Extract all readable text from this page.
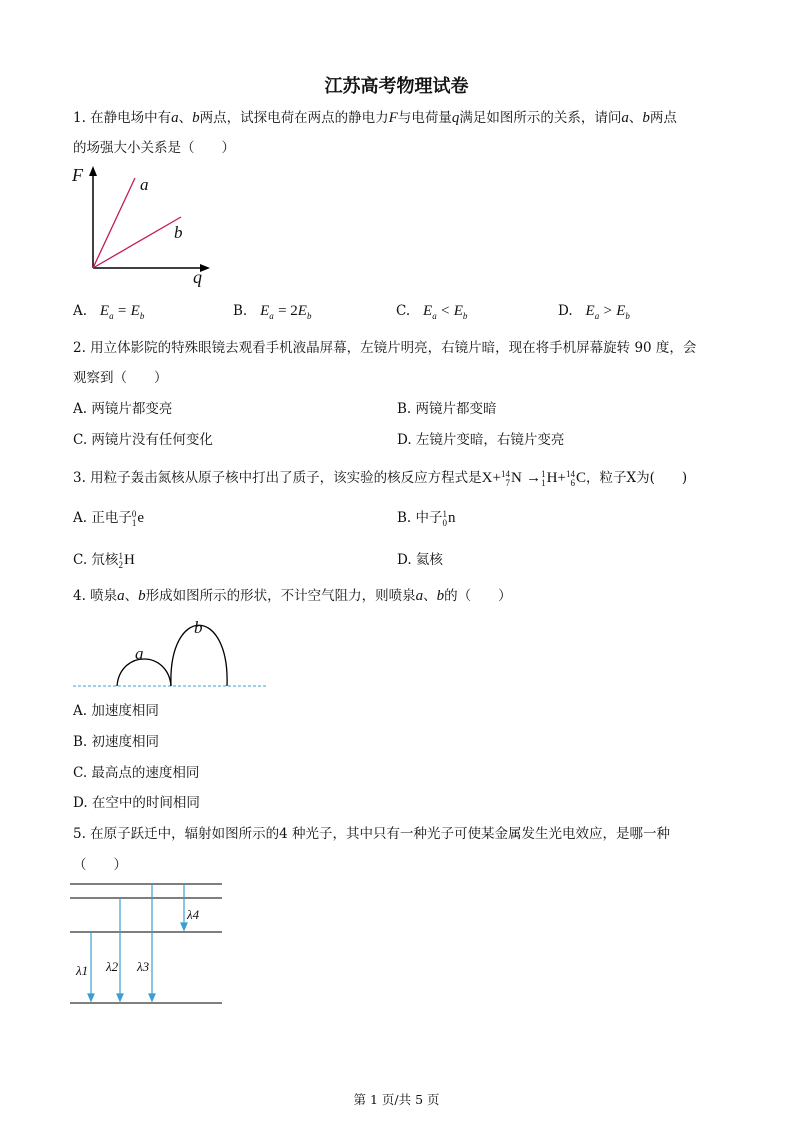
江苏高考物理试卷
1. 在静电场中有a、b两点，试探电荷在两点的静电力F与电荷量q满足如图所示的关系，请问a、b两点
的场强大小关系是（　　）
F	a
b
q
A. $E_a = E_b$	B. $E_a = 2E_b$	C. $E_a < E_b$	D. $E_a > E_b$
2. 用立体影院的特殊眼镜去观看手机液晶屏幕，左镜片明亮，右镜片暗，现在将手机屏幕旋转 90 度，会
观察到（　　）
A. 两镜片都变亮	B. 两镜片都变暗
C. 两镜片没有任何变化	D. 左镜片变暗，右镜片变亮
3. 用粒子轰击氮核从原子核中打出了质子，该实验的核反应方程式是X+ 14
7 N → 1
1 H+ 14
6 C，粒子X为(　　)
A. 正电子 0
1 e	B. 中子 1
0 n
C. 氘核 1
2 H	D. 氦核
4. 喷泉a、b形成如图所示的形状，不计空气阻力，则喷泉a、b的（　　）
a
b
A. 加速度相同
B. 初速度相同
C. 最高点的速度相同
D. 在空中的时间相同
5. 在原子跃迁中，辐射如图所示的4 种光子，其中只有一种光子可使某金属发生光电效应，是哪一种
（　　）
λ1 λ2 λ3
λ4
第 1 页/共 5 页
